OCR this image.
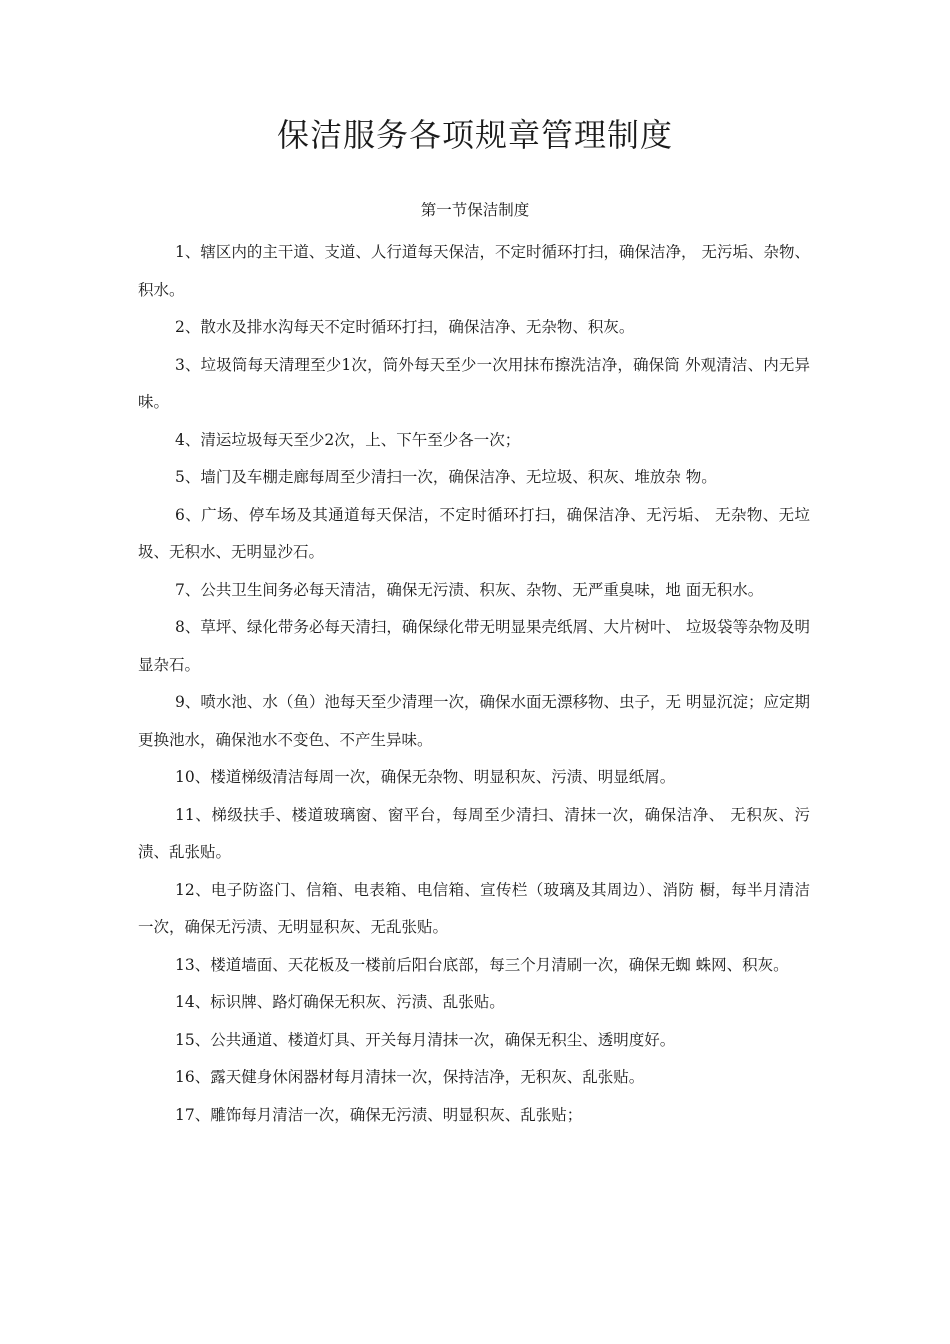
保洁服务各项规章管理制度
第一节保洁制度

1、辖区内的主干道、支道、人行道每天保洁，不定时循环打扫，确保洁净， 无污垢、杂物、积水。

2、散水及排水沟每天不定时循环打扫，确保洁净、无杂物、积灰。

3、垃圾筒每天清理至少1次，筒外每天至少一次用抹布擦洗洁净，确保筒 外观清洁、内无异味。

4、清运垃圾每天至少2次，上、下午至少各一次；

5、墙门及车棚走廊每周至少清扫一次，确保洁净、无垃圾、积灰、堆放杂 物。

6、广场、停车场及其通道每天保洁，不定时循环打扫，确保洁净、无污垢、 无杂物、无垃圾、无积水、无明显沙石。

7、公共卫生间务必每天清洁，确保无污渍、积灰、杂物、无严重臭味，地 面无积水。

8、草坪、绿化带务必每天清扫，确保绿化带无明显果壳纸屑、大片树叶、 垃圾袋等杂物及明显杂石。

9、喷水池、水（鱼）池每天至少清理一次，确保水面无漂移物、虫子，无 明显沉淀；应定期更换池水，确保池水不变色、不产生异味。

10、楼道梯级清洁每周一次，确保无杂物、明显积灰、污渍、明显纸屑。

11、梯级扶手、楼道玻璃窗、窗平台，每周至少清扫、清抹一次，确保洁净、 无积灰、污渍、乱张贴。

12、电子防盗门、信箱、电表箱、电信箱、宣传栏（玻璃及其周边）、消防 橱，每半月清洁一次，确保无污渍、无明显积灰、无乱张贴。

13、楼道墙面、天花板及一楼前后阳台底部，每三个月清刷一次，确保无蜘 蛛网、积灰。

14、标识牌、路灯确保无积灰、污渍、乱张贴。

15、公共通道、楼道灯具、开关每月清抹一次，确保无积尘、透明度好。

16、露天健身休闲器材每月清抹一次，保持洁净，无积灰、乱张贴。

17、雕饰每月清洁一次，确保无污渍、明显积灰、乱张贴；
